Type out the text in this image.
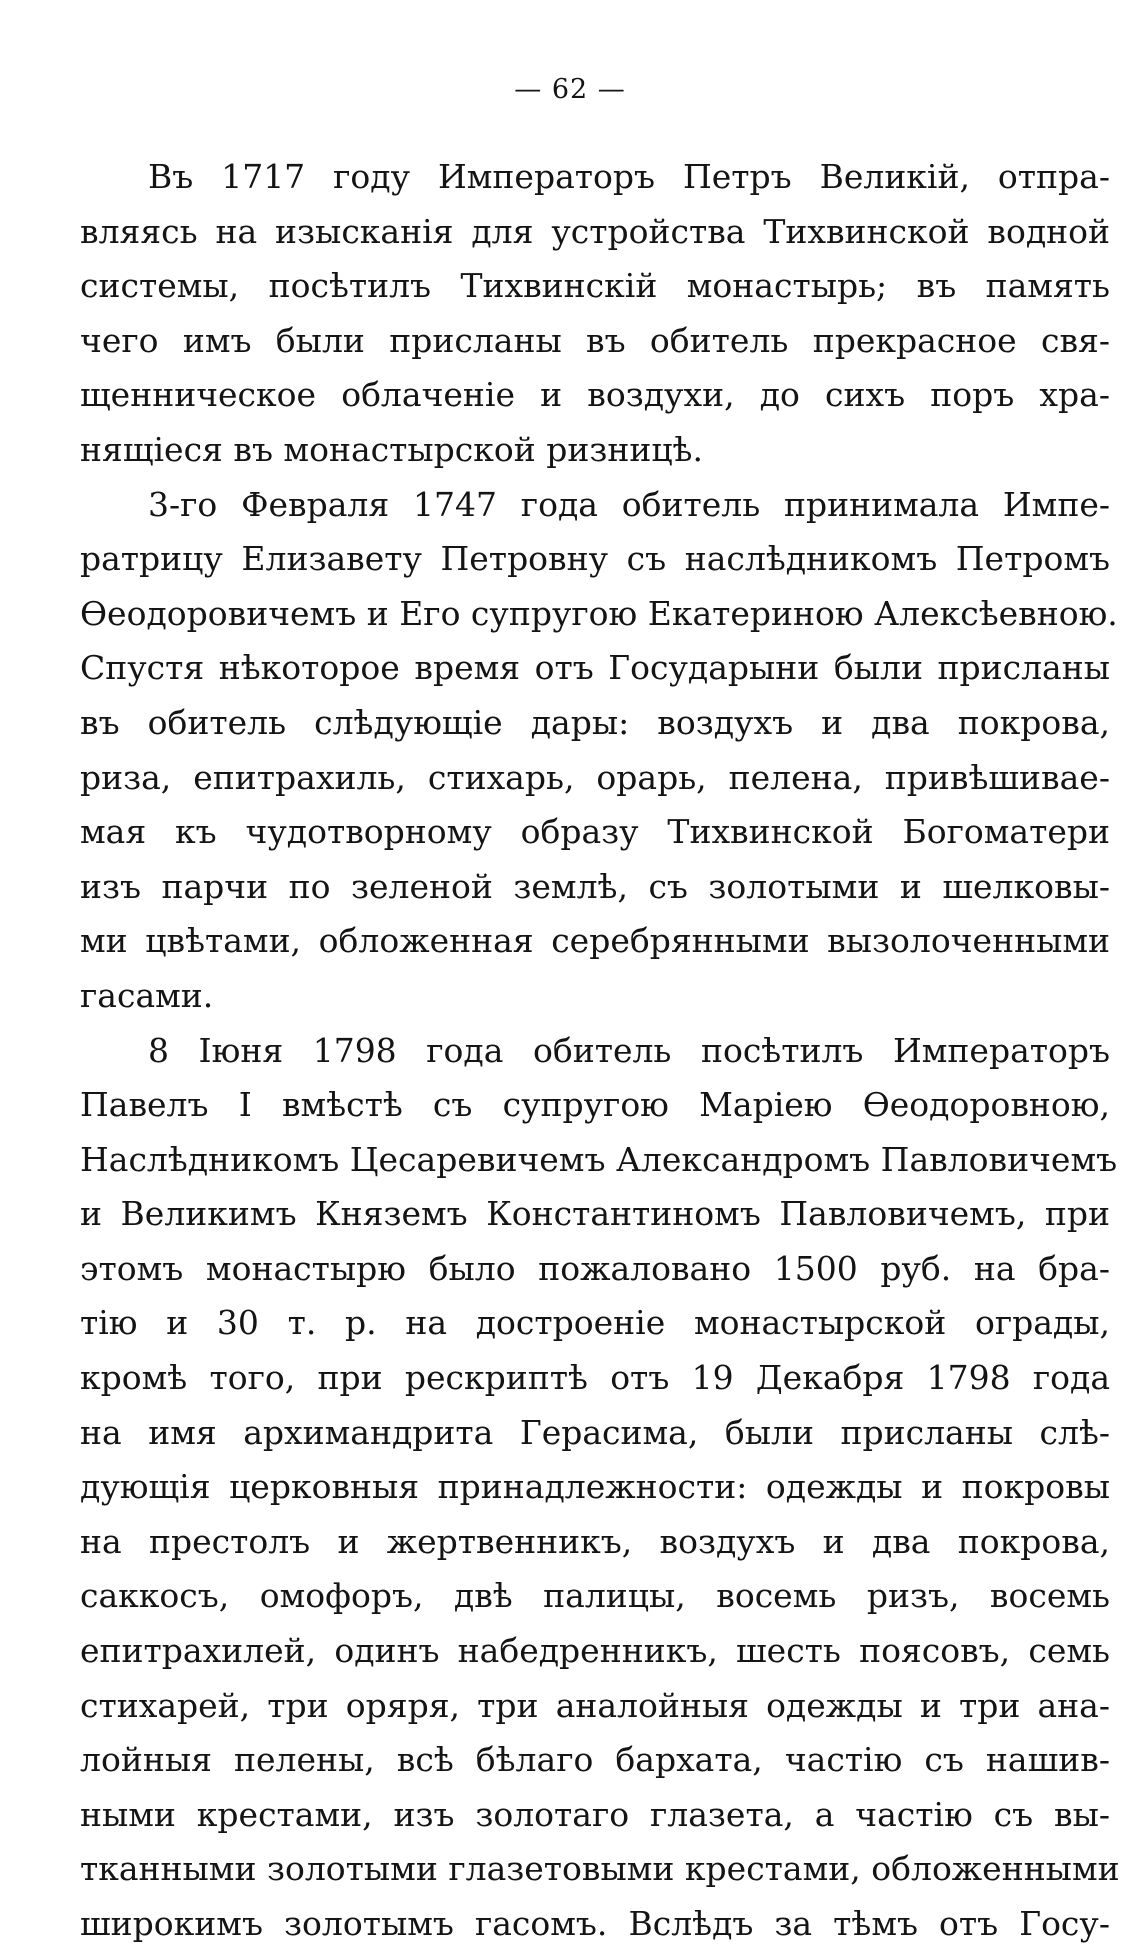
— 62 —
Въ 1717 году Императоръ Петръ Великій, отпра-
вляясь на изысканія для устройства Тихвинской водной
системы, посѣтилъ Тихвинскій монастырь; въ память
чего имъ были присланы въ обитель прекрасное свя-
щенническое облаченіе и воздухи, до сихъ поръ хра-
нящіеся въ монастырской ризницѣ.
3-го Февраля 1747 года обитель принимала Импе-
ратрицу Елизавету Петровну съ наслѣдникомъ Петромъ
Ѳеодоровичемъ и Его супругою Екатериною Алексѣевною.
Спустя нѣкоторое время отъ Государыни были присланы
въ обитель слѣдующіе дары: воздухъ и два покрова,
риза, епитрахиль, стихарь, орарь, пелена, привѣшивае-
мая къ чудотворному образу Тихвинской Богоматери
изъ парчи по зеленой землѣ, съ золотыми и шелковы-
ми цвѣтами, обложенная серебрянными вызолоченными
гасами.
8 Іюня 1798 года обитель посѣтилъ Императоръ
Павелъ I вмѣстѣ съ супругою Маріею Ѳеодоровною,
Наслѣдникомъ Цесаревичемъ Александромъ Павловичемъ
и Великимъ Княземъ Константиномъ Павловичемъ, при
этомъ монастырю было пожаловано 1500 руб. на бра-
тію и 30 т. р. на достроеніе монастырской ограды,
кромѣ того, при рескриптѣ отъ 19 Декабря 1798 года
на имя архимандрита Герасима, были присланы слѣ-
дующія церковныя принадлежности: одежды и покровы
на престолъ и жертвенникъ, воздухъ и два покрова,
саккосъ, омофоръ, двѣ палицы, восемь ризъ, восемь
епитрахилей, одинъ набедренникъ, шесть поясовъ, семь
стихарей, три оряря, три аналойныя одежды и три ана-
лойныя пелены, всѣ бѣлаго бархата, частію съ нашив-
ными крестами, изъ золотаго глазета, а частію съ вы-
тканными золотыми глазетовыми крестами, обложенными
широкимъ золотымъ гасомъ. Вслѣдъ за тѣмъ отъ Госу-
